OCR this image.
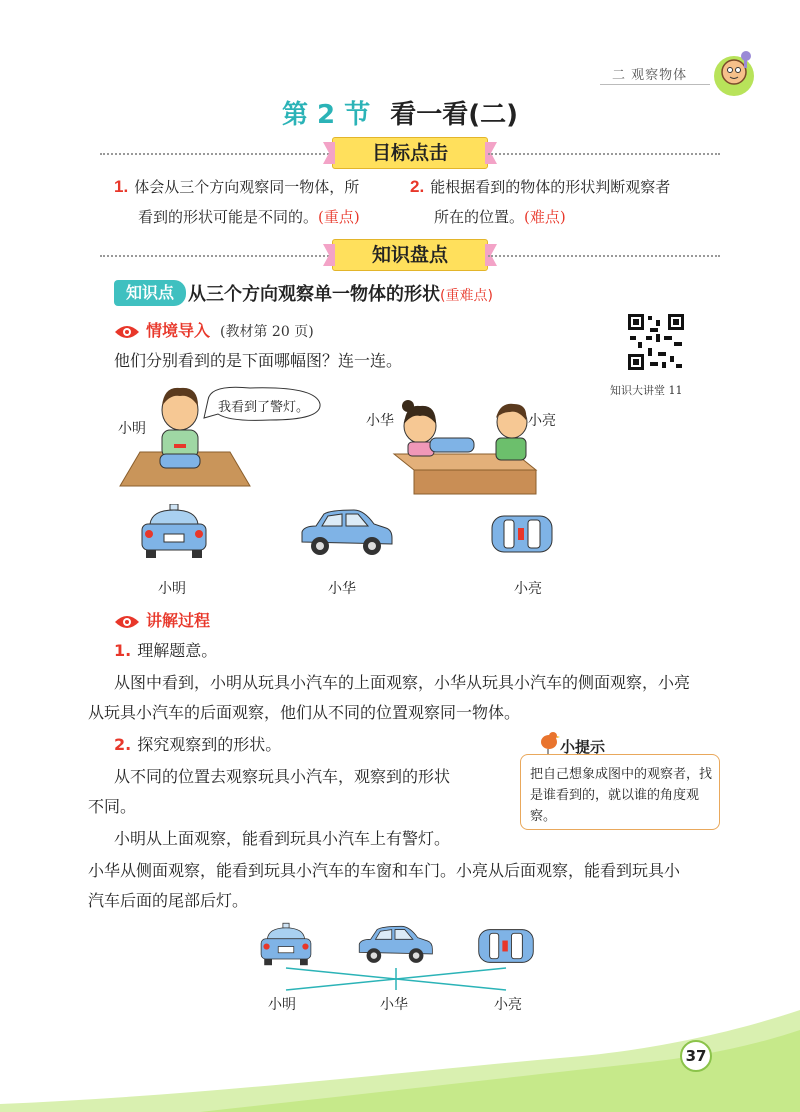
二 观察物体
第 2 节 看一看(二)
目标点击
1. 体会从三个方向观察同一物体，所
看到的形状可能是不同的。(重点)
2. 能根据看到的物体的形状判断观察者
所在的位置。(难点)
知识盘点
知识点 从三个方向观察单一物体的形状(重难点)
情境导入 (教材第 20 页)
他们分别看到的是下面哪幅图？连一连。
知识大讲堂 11
小明
我看到了警灯。
小华	小亮
小明	小华	小亮
讲解过程
1. 理解题意。
从图中看到，小明从玩具小汽车的上面观察，小华从玩具小汽车的侧面观察，小亮
从玩具小汽车的后面观察，他们从不同的位置观察同一物体。
2. 探究观察到的形状。
从不同的位置去观察玩具小汽车，观察到的形状
不同。
小明从上面观察，能看到玩具小汽车上有警灯。
小华从侧面观察，能看到玩具小汽车的车窗和车门。小亮从后面观察，能看到玩具小
汽车后面的尾部后灯。
小提示
把自己想象成图中的观察者，找是谁看到的，就以谁的角度观察。
小明	小华	小亮
37
